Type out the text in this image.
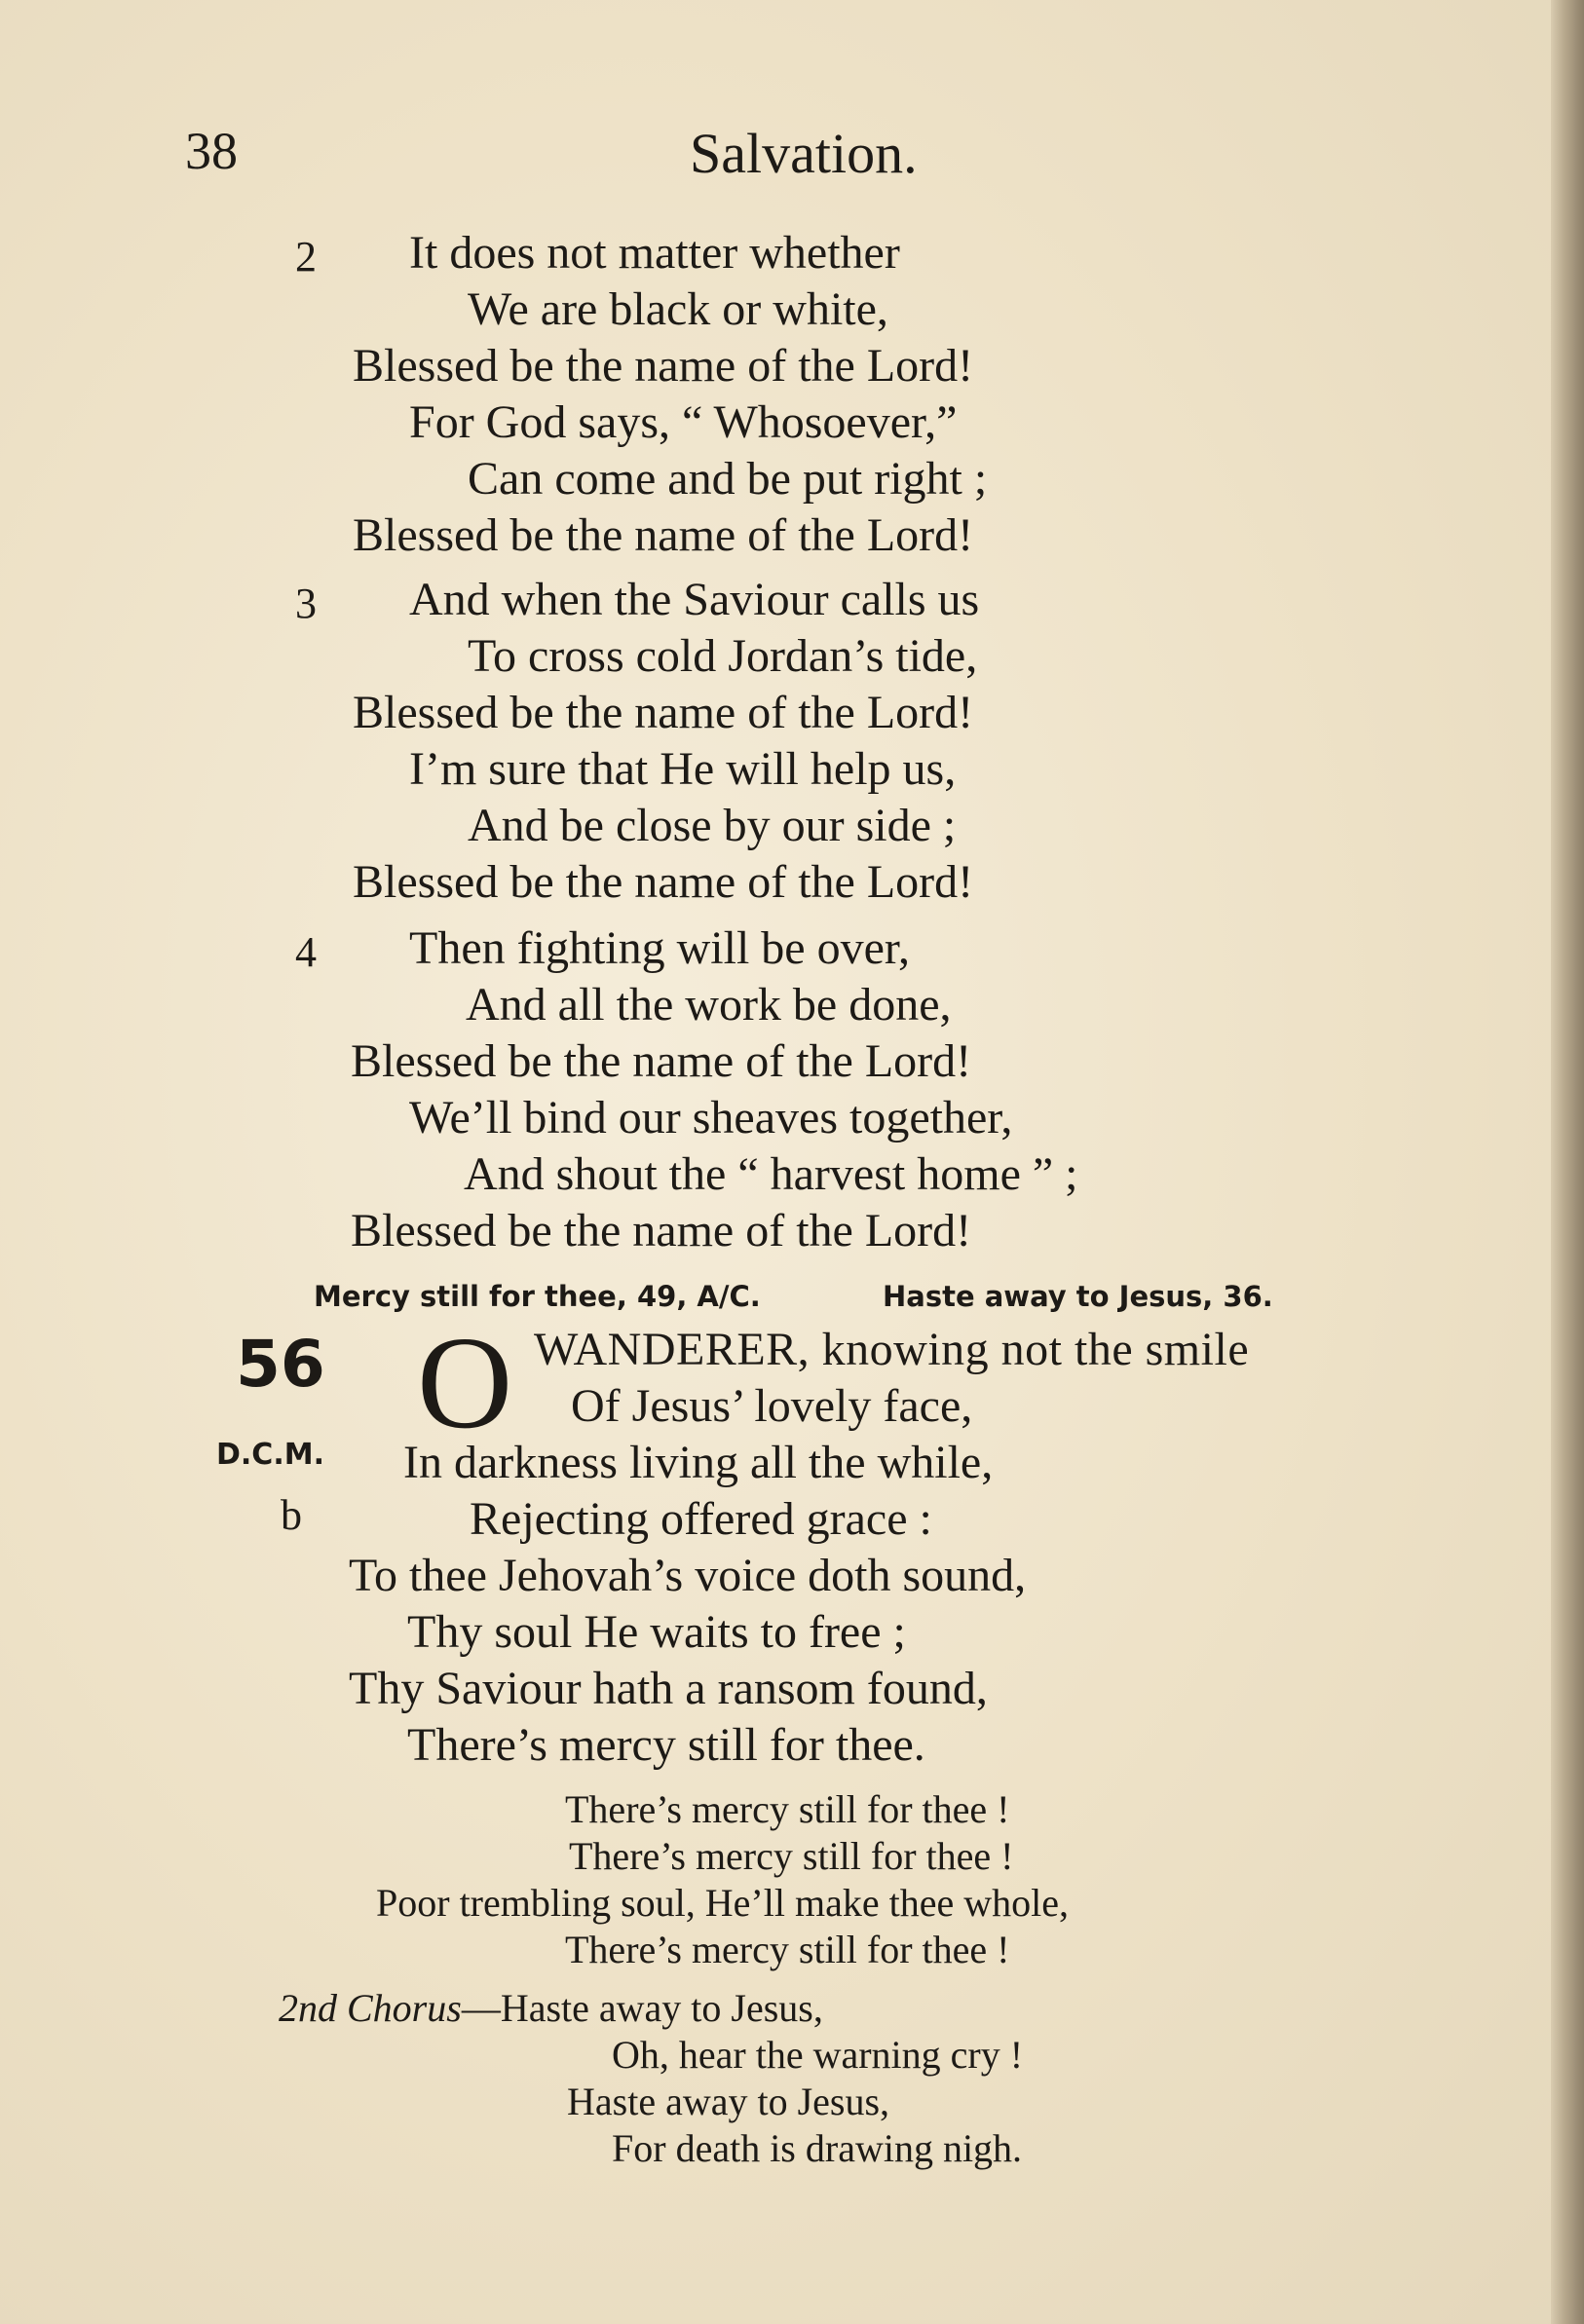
38	Salvation.
2 It does not matter whether
We are black or white,
Blessed be the name of the Lord!
For God says, “ Whosoever,”
Can come and be put right ;
Blessed be the name of the Lord!
3 And when the Saviour calls us
To cross cold Jordan’s tide,
Blessed be the name of the Lord!
I’m sure that He will help us,
And be close by our side ;
Blessed be the name of the Lord!
4 Then fighting will be over,
And all the work be done,
Blessed be the name of the Lord!
We’ll bind our sheaves together,
And shout the “ harvest home ” ;
Blessed be the name of the Lord!
Mercy still for thee, 49, A/C.	Haste away to Jesus, 36.
56 O
D.C.M.
b
WANDERER, knowing not the smile
Of Jesus’ lovely face,
In darkness living all the while,
Rejecting offered grace :
To thee Jehovah’s voice doth sound,
Thy soul He waits to free ;
Thy Saviour hath a ransom found,
There’s mercy still for thee.
There’s mercy still for thee !
There’s mercy still for thee !
Poor trembling soul, He’ll make thee whole,
There’s mercy still for thee !
2nd Chorus—Haste away to Jesus,
Oh, hear the warning cry !
Haste away to Jesus,
For death is drawing nigh.
